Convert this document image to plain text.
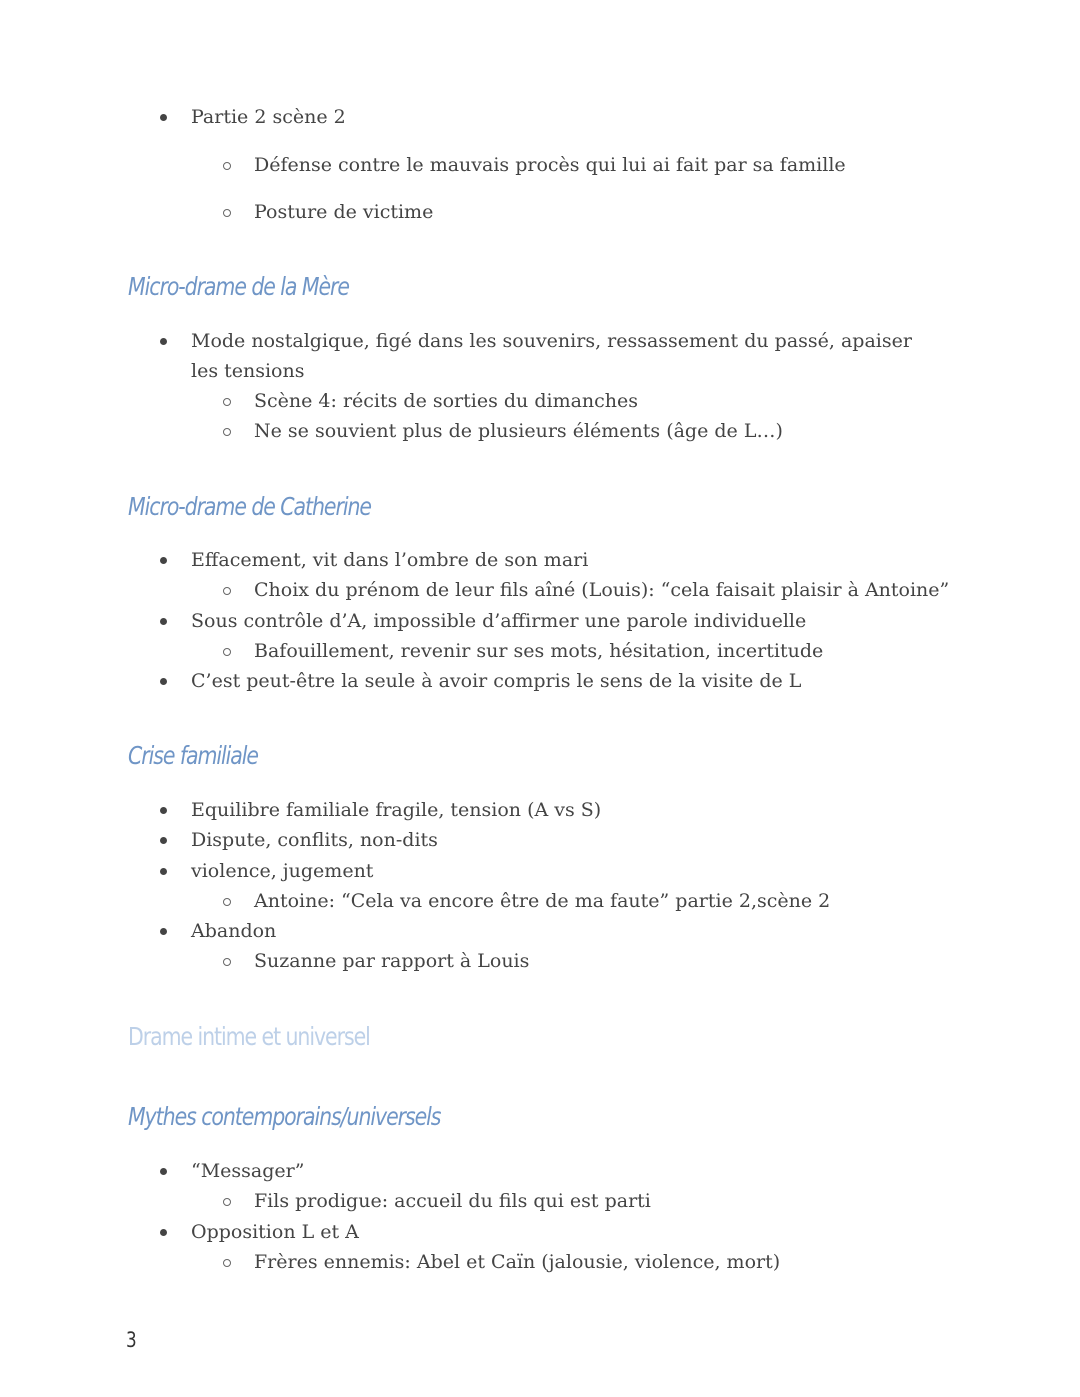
Partie 2 scène 2
Défense contre le mauvais procès qui lui ai fait par sa famille
Posture de victime
Micro-drame de la Mère
Mode nostalgique, figé dans les souvenirs, ressassement du passé, apaiser les tensions
Scène 4: récits de sorties du dimanches
Ne se souvient plus de plusieurs éléments (âge de L…)
Micro-drame de Catherine
Effacement, vit dans l’ombre de son mari
Choix du prénom de leur fils aîné (Louis): “cela faisait plaisir à Antoine”
Sous contrôle d’A, impossible d’affirmer une parole individuelle
Bafouillement, revenir sur ses mots, hésitation, incertitude
C’est peut-être la seule à avoir compris le sens de la visite de L
Crise familiale
Equilibre familiale fragile, tension (A vs S)
Dispute, conflits, non-dits
violence, jugement
Antoine: “Cela va encore être de ma faute” partie 2,scène 2
Abandon
Suzanne par rapport à Louis
Drame intime et universel
Mythes contemporains/universels
“Messager”
Fils prodigue: accueil du fils qui est parti
Opposition L et A
Frères ennemis: Abel et Caïn (jalousie, violence, mort)
3
